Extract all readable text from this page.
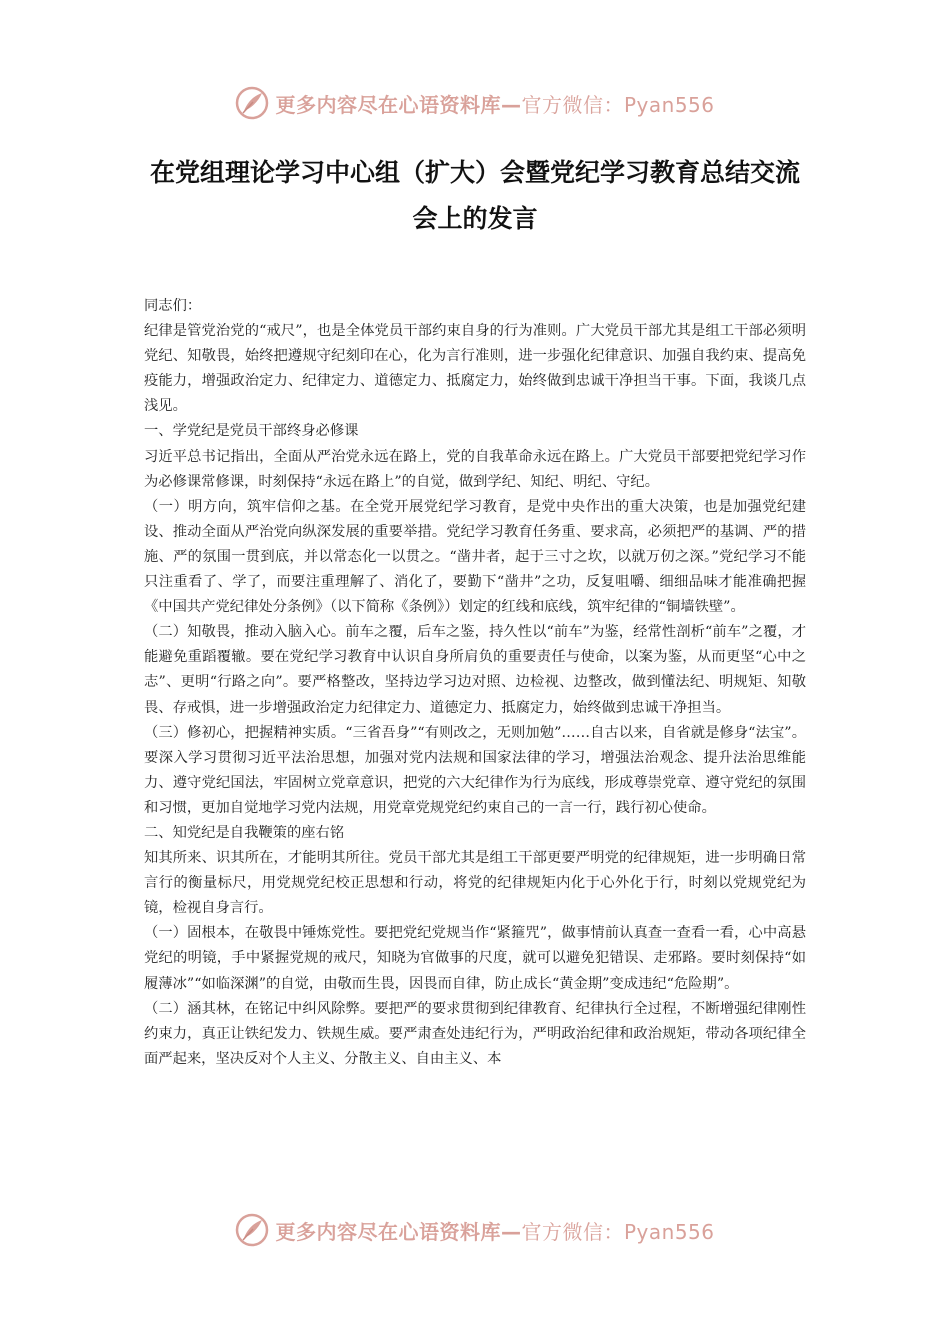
更多内容尽在心语资料库—官方微信：Pyan556
在党组理论学习中心组（扩大）会暨党纪学习教育总结交流会上的发言

同志们：

纪律是管党治党的“戒尺”，也是全体党员干部约束自身的行为准则。广大党员干部尤其是组工干部必须明党纪、知敬畏，始终把遵规守纪刻印在心，化为言行准则，进一步强化纪律意识、加强自我约束、提高免疫能力，增强政治定力、纪律定力、道德定力、抵腐定力，始终做到忠诚干净担当干事。下面，我谈几点浅见。

一、学党纪是党员干部终身必修课

习近平总书记指出，全面从严治党永远在路上，党的自我革命永远在路上。广大党员干部要把党纪学习作为必修课常修课，时刻保持“永远在路上”的自觉，做到学纪、知纪、明纪、守纪。

（一）明方向，筑牢信仰之基。在全党开展党纪学习教育，是党中央作出的重大决策，也是加强党纪建设、推动全面从严治党向纵深发展的重要举措。党纪学习教育任务重、要求高，必须把严的基调、严的措施、严的氛围一贯到底，并以常态化一以贯之。“凿井者，起于三寸之坎，以就万仞之深。”党纪学习不能只注重看了、学了，而要注重理解了、消化了，要勤下“凿井”之功，反复咀嚼、细细品味才能准确把握《中国共产党纪律处分条例》（以下简称《条例》）划定的红线和底线，筑牢纪律的“铜墙铁壁”。

（二）知敬畏，推动入脑入心。前车之覆，后车之鉴，持久性以“前车”为鉴，经常性剖析“前车”之覆，才能避免重蹈覆辙。要在党纪学习教育中认识自身所肩负的重要责任与使命，以案为鉴，从而更坚“心中之志”、更明“行路之向”。要严格整改，坚持边学习边对照、边检视、边整改，做到懂法纪、明规矩、知敬畏、存戒惧，进一步增强政治定力纪律定力、道德定力、抵腐定力，始终做到忠诚干净担当。

（三）修初心，把握精神实质。“三省吾身”“有则改之，无则加勉”……自古以来，自省就是修身“法宝”。要深入学习贯彻习近平法治思想，加强对党内法规和国家法律的学习，增强法治观念、提升法治思维能力、遵守党纪国法，牢固树立党章意识，把党的六大纪律作为行为底线，形成尊崇党章、遵守党纪的氛围和习惯，更加自觉地学习党内法规，用党章党规党纪约束自己的一言一行，践行初心使命。

二、知党纪是自我鞭策的座右铭

知其所来、识其所在，才能明其所往。党员干部尤其是组工干部更要严明党的纪律规矩，进一步明确日常言行的衡量标尺，用党规党纪校正思想和行动，将党的纪律规矩内化于心外化于行，时刻以党规党纪为镜，检视自身言行。

（一）固根本，在敬畏中锤炼党性。要把党纪党规当作“紧箍咒”，做事情前认真查一查看一看，心中高悬党纪的明镜，手中紧握党规的戒尺，知晓为官做事的尺度，就可以避免犯错误、走邪路。要时刻保持“如履薄冰”“如临深渊”的自觉，由敬而生畏，因畏而自律，防止成长“黄金期”变成违纪“危险期”。

（二）涵其林，在铭记中纠风除弊。要把严的要求贯彻到纪律教育、纪律执行全过程，不断增强纪律刚性约束力，真正让铁纪发力、铁规生威。要严肃查处违纪行为，严明政治纪律和政治规矩，带动各项纪律全面严起来，坚决反对个人主义、分散主义、自由主义、本

更多内容尽在心语资料库—官方微信：Pyan556
